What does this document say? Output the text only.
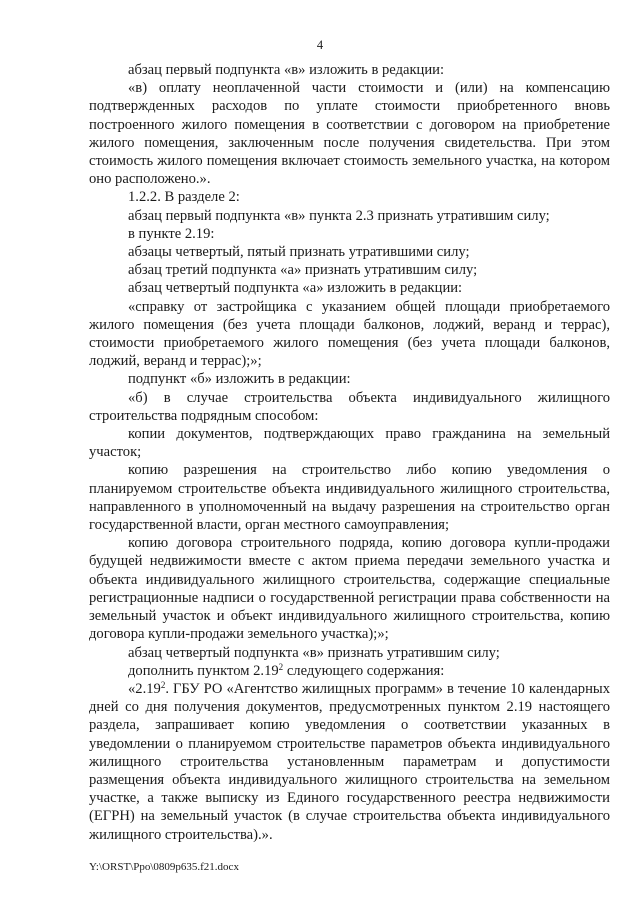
4

абзац первый подпункта «в» изложить в редакции:

«в) оплату неоплаченной части стоимости и (или) на компенсацию подтвержденных расходов по уплате стоимости приобретенного вновь построенного жилого помещения в соответствии с договором на приобретение жилого помещения, заключенным после получения свидетельства. При этом стоимость жилого помещения включает стоимость земельного участка, на котором оно расположено.».

1.2.2. В разделе 2:

абзац первый подпункта «в» пункта 2.3 признать утратившим силу;

в пункте 2.19:

абзацы четвертый, пятый признать утратившими силу;

абзац третий подпункта «а» признать утратившим силу;

абзац четвертый подпункта «а» изложить в редакции:

«справку от застройщика с указанием общей площади приобретаемого жилого помещения (без учета площади балконов, лоджий, веранд и террас), стоимости приобретаемого жилого помещения (без учета площади балконов, лоджий, веранд и террас);»;

подпункт «б» изложить в редакции:

«б) в случае строительства объекта индивидуального жилищного строительства подрядным способом:

копии документов, подтверждающих право гражданина на земельный участок;

копию разрешения на строительство либо копию уведомления о планируемом строительстве объекта индивидуального жилищного строительства, направленного в уполномоченный на выдачу разрешения на строительство орган государственной власти, орган местного самоуправления;

копию договора строительного подряда, копию договора купли-продажи будущей недвижимости вместе с актом приема передачи земельного участка и объекта индивидуального жилищного строительства, содержащие специальные регистрационные надписи о государственной регистрации права собственности на земельный участок и объект индивидуального жилищного строительства, копию договора купли-продажи земельного участка);»;

абзац четвертый подпункта «в» признать утратившим силу;

дополнить пунктом 2.19$^2$ следующего содержания:

«2.19$^2$. ГБУ РО «Агентство жилищных программ» в течение 10 календарных дней со дня получения документов, предусмотренных пунктом 2.19 настоящего раздела, запрашивает копию уведомления о соответствии указанных в уведомлении о планируемом строительстве параметров объекта индивидуального жилищного строительства установленным параметрам и допустимости размещения объекта индивидуального жилищного строительства на земельном участке, а также выписку из Единого государственного реестра недвижимости (ЕГРН) на земельный участок (в случае строительства объекта индивидуального жилищного строительства).».

Y:\ORST\Ppo\0809p635.f21.docx
